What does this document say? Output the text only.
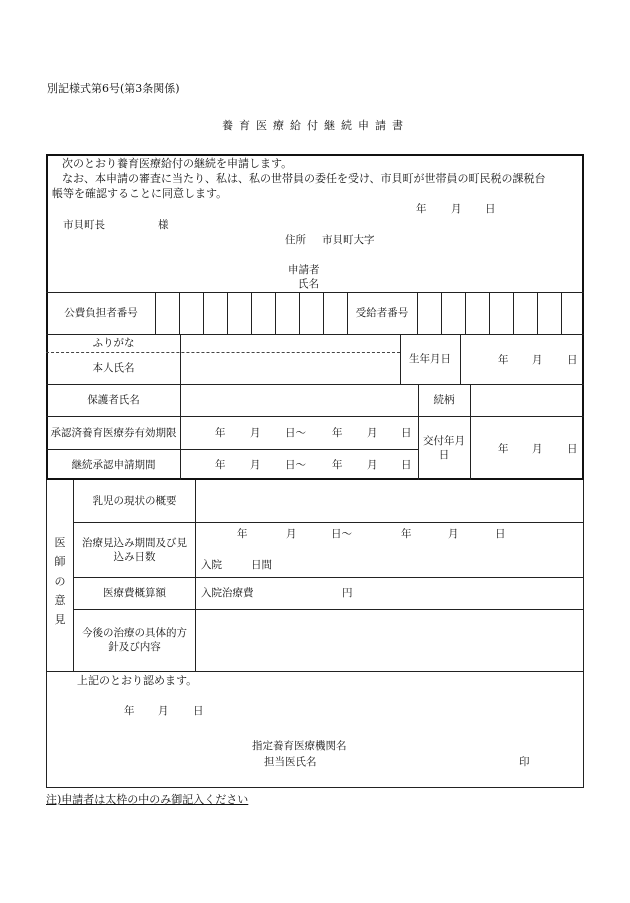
別記様式第6号(第3条関係)
養育医療給付継続申請書
次のとおり養育医療給付の継続を申請します。
なお、本申請の審査に当たり、私は、私の世帯員の委任を受け、市貝町が世帯員の町民税の課税台
帳等を確認することに同意します。
年 月 日
市貝町長	様
住所 市貝町大字
申請者
氏名
公費負担者番号	受給者番号
ふりがな
本人氏名
生年月日	年 月 日
保護者氏名	続柄
承認済養育医療券有効期限	年 月 日〜 年 月 日
継続承認申請期間	年 月 日〜 年 月 日
交付年月日	年 月 日
医
師
の
意
見
乳児の現状の概要
治療見込み期間及び見込み日数
年	月	日〜	年	月	日
入院	日間
医療費概算額	入院治療費	円
今後の治療の具体的方針及び内容
上記のとおり認めます。
年 月 日
指定養育医療機関名
担当医氏名	印
注)申請者は太枠の中のみ御記入ください
